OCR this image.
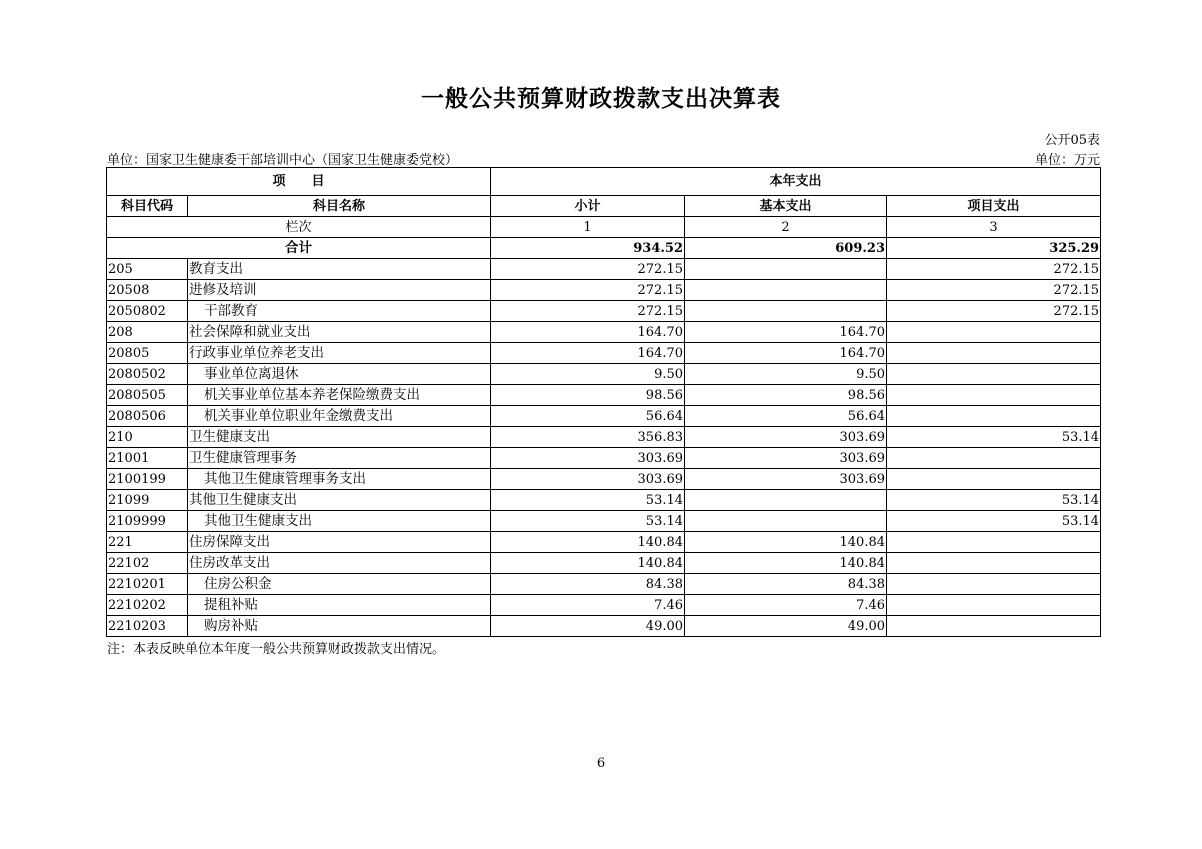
一般公共预算财政拨款支出决算表
公开05表
单位：国家卫生健康委干部培训中心（国家卫生健康委党校）	单位：万元
项　　目		本年支出		
科目代码	科目名称	小计	基本支出	项目支出
栏次		1	2	3
合计		934.52	609.23	325.29
205	教育支出	272.15		272.15
20508	进修及培训	272.15		272.15
2050802	干部教育	272.15		272.15
208	社会保障和就业支出	164.70	164.70	
20805	行政事业单位养老支出	164.70	164.70	
2080502	事业单位离退休	9.50	9.50	
2080505	机关事业单位基本养老保险缴费支出	98.56	98.56	
2080506	机关事业单位职业年金缴费支出	56.64	56.64	
210	卫生健康支出	356.83	303.69	53.14
21001	卫生健康管理事务	303.69	303.69	
2100199	其他卫生健康管理事务支出	303.69	303.69	
21099	其他卫生健康支出	53.14		53.14
2109999	其他卫生健康支出	53.14		53.14
221	住房保障支出	140.84	140.84	
22102	住房改革支出	140.84	140.84	
2210201	住房公积金	84.38	84.38	
2210202	提租补贴	7.46	7.46	
2210203	购房补贴	49.00	49.00	
注：本表反映单位本年度一般公共预算财政拨款支出情况。
6
